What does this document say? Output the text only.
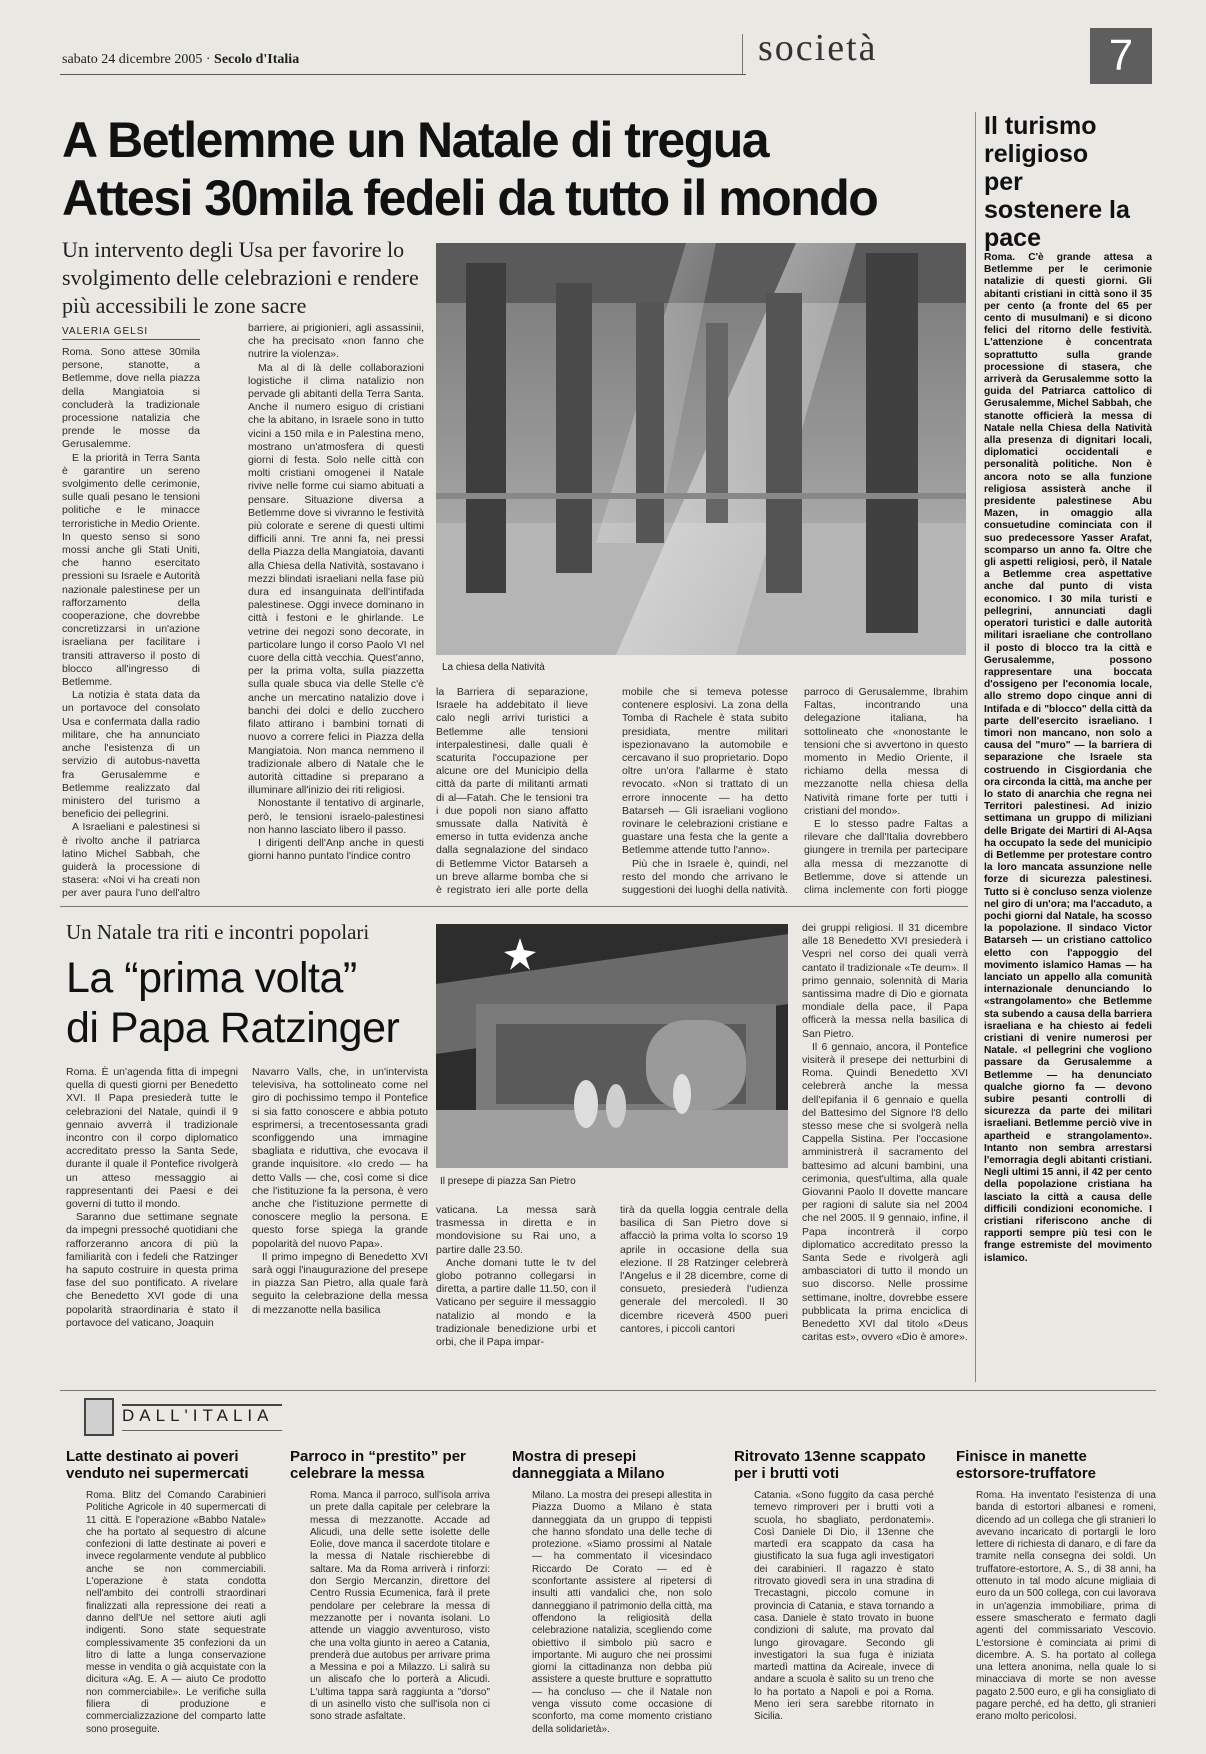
sabato 24 dicembre 2005 · Secolo d'Italia	società	7
A Betlemme un Natale di tregua
Attesi 30mila fedeli da tutto il mondo
Il turismo religioso per sostenere la pace

Roma. C'è grande attesa a Betlemme per le cerimonie natalizie di questi giorni. Gli abitanti cristiani in città sono il 35 per cento (a fronte del 65 per cento di musulmani) e si dicono felici del ritorno delle festività. L'attenzione è concentrata soprattutto sulla grande processione di stasera, che arriverà da Gerusalemme sotto la guida del Patriarca cattolico di Gerusalemme, Michel Sabbah, che stanotte officierà la messa di Natale nella Chiesa della Natività alla presenza di dignitari locali, diplomatici occidentali e personalità politiche. Non è ancora noto se alla funzione religiosa assisterà anche il presidente palestinese Abu Mazen, in omaggio alla consuetudine cominciata con il suo predecessore Yasser Arafat, scomparso un anno fa. Oltre che gli aspetti religiosi, però, il Natale a Betlemme crea aspettative anche dal punto di vista economico. I 30 mila turisti e pellegrini, annunciati dagli operatori turistici e dalle autorità militari israeliane che controllano il posto di blocco tra la città e Gerusalemme, possono rappresentare una boccata d'ossigeno per l'economia locale, allo stremo dopo cinque anni di Intifada e di "blocco" della città da parte dell'esercito israeliano. I timori non mancano, non solo a causa del "muro" — la barriera di separazione che Israele sta costruendo in Cisgiordania che ora circonda la città, ma anche per lo stato di anarchia che regna nei Territori palestinesi. Ad inizio settimana un gruppo di miliziani delle Brigate dei Martiri di Al-Aqsa ha occupato la sede del municipio di Betlemme per protestare contro la loro mancata assunzione nelle forze di sicurezza palestinesi. Tutto si è concluso senza violenze nel giro di un'ora; ma l'accaduto, a pochi giorni dal Natale, ha scosso la popolazione. Il sindaco Victor Batarseh — un cristiano cattolico eletto con l'appoggio del movimento islamico Hamas — ha lanciato un appello alla comunità internazionale denunciando lo «strangolamento» che Betlemme sta subendo a causa della barriera israeliana e ha chiesto ai fedeli cristiani di venire numerosi per Natale. «I pellegrini che vogliono passare da Gerusalemme a Betlemme — ha denunciato qualche giorno fa — devono subire pesanti controlli di sicurezza da parte dei militari israeliani. Betlemme perciò vive in apartheid e strangolamento». Intanto non sembra arrestarsi l'emorragia degli abitanti cristiani. Negli ultimi 15 anni, il 42 per cento della popolazione cristiana ha lasciato la città a causa delle difficili condizioni economiche. I cristiani riferiscono anche di rapporti sempre più tesi con le frange estremiste del movimento islamico.

Un intervento degli Usa per favorire lo svolgimento delle celebrazioni e rendere più accessibili le zone sacre
VALERIA GELSI
La chiesa della Natività

Roma. Sono attese 30mila persone, stanotte, a Betlemme, dove nella piazza della Mangiatoia si concluderà la tradizionale processione natalizia che prende le mosse da Gerusalemme.

E la priorità in Terra Santa è garantire un sereno svolgimento delle cerimonie, sulle quali pesano le tensioni politiche e le minacce terroristiche in Medio Oriente. In questo senso si sono mossi anche gli Stati Uniti, che hanno esercitato pressioni su Israele e Autorità nazionale palestinese per un rafforzamento della cooperazione, che dovrebbe concretizzarsi in un'azione israeliana per facilitare i transiti attraverso il posto di blocco all'ingresso di Betlemme.

La notizia è stata data da un portavoce del consolato Usa e confermata dalla radio militare, che ha annunciato anche l'esistenza di un servizio di autobus-navetta fra Gerusalemme e Betlemme realizzato dal ministero del turismo a beneficio dei pellegrini.

A Israeliani e palestinesi si è rivolto anche il patriarca latino Michel Sabbah, che guiderà la processione di stasera: «Noi vi ha creati non per aver paura l'uno dell'altro

barriere, ai prigionieri, agli assassinii, che ha precisato «non fanno che nutrire la violenza».

Ma al di là delle collaborazioni logistiche il clima natalizio non pervade gli abitanti della Terra Santa. Anche il numero esiguo di cristiani che la abitano, in Israele sono in tutto vicini a 150 mila e in Palestina meno, mostrano un'atmosfera di questi giorni di festa. Solo nelle città con molti cristiani omogenei il Natale rivive nelle forme cui siamo abituati a pensare. Situazione diversa a Betlemme dove si vivranno le festività più colorate e serene di questi ultimi difficili anni. Tre anni fa, nei pressi della Piazza della Mangiatoia, davanti alla Chiesa della Natività, sostavano i mezzi blindati israeliani nella fase più dura ed insanguinata dell'intifada palestinese. Oggi invece dominano in città i festoni e le ghirlande. Le vetrine dei negozi sono decorate, in particolare lungo il corso Paolo VI nel cuore della città vecchia. Quest'anno, per la prima volta, sulla piazzetta sulla quale sbuca via delle Stelle c'è anche un mercatino natalizio dove i banchi dei dolci e dello zucchero filato attirano i bambini tornati di nuovo a correre felici in Piazza della Mangiatoia. Non manca nemmeno il tradizionale albero di Natale che le autorità cittadine si preparano a illuminare all'inizio dei riti religiosi.

Nonostante il tentativo di arginarle, però, le tensioni israelo-palestinesi non hanno lasciato libero il passo.

I dirigenti dell'Anp anche in questi giorni hanno puntato l'indice contro

la Barriera di separazione, Israele ha addebitato il lieve calo negli arrivi turistici a Betlemme alle tensioni interpalestinesi, dalle quali è scaturita l'occupazione per alcune ore del Municipio della città da parte di militanti armati di al—Fatah. Che le tensioni tra i due popoli non siano affatto smussate dalla Natività è emerso in tutta evidenza anche dalla segnalazione del sindaco di Betlemme Victor Batarseh a un breve allarme bomba che si è registrato ieri alle porte della

mobile che si temeva potesse contenere esplosivi. La zona della Tomba di Rachele è stata subito presidiata, mentre militari ispezionavano la automobile e cercavano il suo proprietario. Dopo oltre un'ora l'allarme è stato revocato. «Non si trattato di un errore innocente — ha detto Batarseh — Gli israeliani vogliono rovinare le celebrazioni cristiane e guastare una festa che la gente a Betlemme attende tutto l'anno».

Più che in Israele è, quindi, nel resto del mondo che arrivano le suggestioni dei luoghi della natività.

parroco di Gerusalemme, Ibrahim Faltas, incontrando una delegazione italiana, ha sottolineato che «nonostante le tensioni che si avvertono in questo momento in Medio Oriente, il richiamo della messa di mezzanotte nella chiesa della Natività rimane forte per tutti i cristiani del mondo».

E lo stesso padre Faltas a rilevare che dall'Italia dovrebbero giungere in tremila per partecipare alla messa di mezzanotte di Betlemme, dove si attende un clima inclemente con forti piogge

Un Natale tra riti e incontri popolari
La “prima volta”
di Papa Ratzinger
Il presepe di piazza San Pietro

Roma. È un'agenda fitta di impegni quella di questi giorni per Benedetto XVI. Il Papa presiederà tutte le celebrazioni del Natale, quindi il 9 gennaio avverrà il tradizionale incontro con il corpo diplomatico accreditato presso la Santa Sede, durante il quale il Pontefice rivolgerà un atteso messaggio ai rappresentanti dei Paesi e dei governi di tutto il mondo.

Saranno due settimane segnate da impegni pressoché quotidiani che rafforzeranno ancora di più la familiarità con i fedeli che Ratzinger ha saputo costruire in questa prima fase del suo pontificato. A rivelare che Benedetto XVI gode di una popolarità straordinaria è stato il portavoce del vaticano, Joaquin

Navarro Valls, che, in un'intervista televisiva, ha sottolineato come nel giro di pochissimo tempo il Pontefice si sia fatto conoscere e abbia potuto esprimersi, a trecentosessanta gradi sconfiggendo una immagine sbagliata e riduttiva, che evocava il grande inquisitore. «Io credo — ha detto Valls — che, così come si dice che l'istituzione fa la persona, è vero anche che l'istituzione permette di conoscere meglio la persona. E questo forse spiega la grande popolarità del nuovo Papa».

Il primo impegno di Benedetto XVI sarà oggi l'inaugurazione del presepe in piazza San Pietro, alla quale farà seguito la celebrazione della messa di mezzanotte nella basilica

vaticana. La messa sarà trasmessa in diretta e in mondovisione su Rai uno, a partire dalle 23.50.

Anche domani tutte le tv del globo potranno collegarsi in diretta, a partire dalle 11.50, con il Vaticano per seguire il messaggio natalizio al mondo e la tradizionale benedizione urbi et orbi, che il Papa impar-

tirà da quella loggia centrale della basilica di San Pietro dove si affacciò la prima volta lo scorso 19 aprile in occasione della sua elezione. Il 28 Ratzinger celebrerà l'Angelus e il 28 dicembre, come di consueto, presiederà l'udienza generale del mercoledì. Il 30 dicembre riceverà 4500 pueri cantores, i piccoli cantori

dei gruppi religiosi. Il 31 dicembre alle 18 Benedetto XVI presiederà i Vespri nel corso dei quali verrà cantato il tradizionale «Te deum». Il primo gennaio, solennità di Maria santissima madre di Dio e giornata mondiale della pace, il Papa officerà la messa nella basilica di San Pietro.

Il 6 gennaio, ancora, il Pontefice visiterà il presepe dei netturbini di Roma. Quindi Benedetto XVI celebrerà anche la messa dell'epifania il 6 gennaio e quella del Battesimo del Signore l'8 dello stesso mese che si svolgerà nella Cappella Sistina. Per l'occasione amministrerà il sacramento del battesimo ad alcuni bambini, una cerimonia, quest'ultima, alla quale Giovanni Paolo II dovette mancare per ragioni di salute sia nel 2004 che nel 2005. Il 9 gennaio, infine, il Papa incontrerà il corpo diplomatico accreditato presso la Santa Sede e rivolgerà agli ambasciatori di tutto il mondo un suo discorso. Nelle prossime settimane, inoltre, dovrebbe essere pubblicata la prima enciclica di Benedetto XVI dal titolo «Deus caritas est», ovvero «Dio è amore».

DALL'ITALIA
Latte destinato ai poveri venduto nei supermercati
Roma. Blitz del Comando Carabinieri Politiche Agricole in 40 supermercati di 11 città. E l'operazione «Babbo Natale» che ha portato al sequestro di alcune confezioni di latte destinate ai poveri e invece regolarmente vendute al pubblico anche se non commerciabili. L'operazione è stata condotta nell'ambito dei controlli straordinari finalizzati alla repressione dei reati a danno dell'Ue nel settore aiuti agli indigenti. Sono state sequestrate complessivamente 35 confezioni da un litro di latte a lunga conservazione messe in vendita o già acquistate con la dicitura «Ag. E. A — aiuto Ce prodotto non commerciabile». Le verifiche sulla filiera di produzione e commercializzazione del comparto latte sono proseguite.
Parroco in “prestito” per celebrare la messa
Roma. Manca il parroco, sull'isola arriva un prete dalla capitale per celebrare la messa di mezzanotte. Accade ad Alicudi, una delle sette isolette delle Eolie, dove manca il sacerdote titolare e la messa di Natale rischierebbe di saltare. Ma da Roma arriverà i rinforzi: don Sergio Mercanzin, direttore del Centro Russia Ecumenica, farà il prete pendolare per celebrare la messa di mezzanotte per i novanta isolani. Lo attende un viaggio avventuroso, visto che una volta giunto in aereo a Catania, prenderà due autobus per arrivare prima a Messina e poi a Milazzo. Li salirà su un aliscafo che lo porterà a Alicudi. L'ultima tappa sarà raggiunta a "dorso" di un asinello visto che sull'isola non ci sono strade asfaltate.
Mostra di presepi danneggiata a Milano
Milano. La mostra dei presepi allestita in Piazza Duomo a Milano è stata danneggiata da un gruppo di teppisti che hanno sfondato una delle teche di protezione. «Siamo prossimi al Natale — ha commentato il vicesindaco Riccardo De Corato — ed è sconfortante assistere al ripetersi di insulti atti vandalici che, non solo danneggiano il patrimonio della città, ma offendono la religiosità della celebrazione natalizia, scegliendo come obiettivo il simbolo più sacro e importante. Mi auguro che nei prossimi giorni la cittadinanza non debba più assistere a queste brutture e soprattutto — ha concluso — che il Natale non venga vissuto come occasione di sconforto, ma come momento cristiano della solidarietà».
Ritrovato 13enne scappato per i brutti voti
Catania. «Sono fuggito da casa perché temevo rimproveri per i brutti voti a scuola, ho sbagliato, perdonatemi». Così Daniele Di Dio, il 13enne che martedì era scappato da casa ha giustificato la sua fuga agli investigatori dei carabinieri. Il ragazzo è stato ritrovato giovedì sera in una stradina di Trecastagni, piccolo comune in provincia di Catania, e stava tornando a casa. Daniele è stato trovato in buone condizioni di salute, ma provato dal lungo girovagare. Secondo gli investigatori la sua fuga è iniziata martedì mattina da Acireale, invece di andare a scuola è salito su un treno che lo ha portato a Napoli e poi a Roma. Meno ieri sera sarebbe ritornato in Sicilia.
Finisce in manette estorsore-truffatore
Roma. Ha inventato l'esistenza di una banda di estortori albanesi e romeni, dicendo ad un collega che gli stranieri lo avevano incaricato di portargli le loro lettere di richiesta di danaro, e di fare da tramite nella consegna dei soldi. Un truffatore-estortore, A. S., di 38 anni, ha ottenuto in tal modo alcune migliaia di euro da un 500 collega, con cui lavorava in un'agenzia immobiliare, prima di essere smascherato e fermato dagli agenti del commissariato Vescovio. L'estorsione è cominciata ai primi di dicembre. A. S. ha portato al collega una lettera anonima, nella quale lo si minacciava di morte se non avesse pagato 2.500 euro, e gli ha consigliato di pagare perché, ed ha detto, gli stranieri erano molto pericolosi.
